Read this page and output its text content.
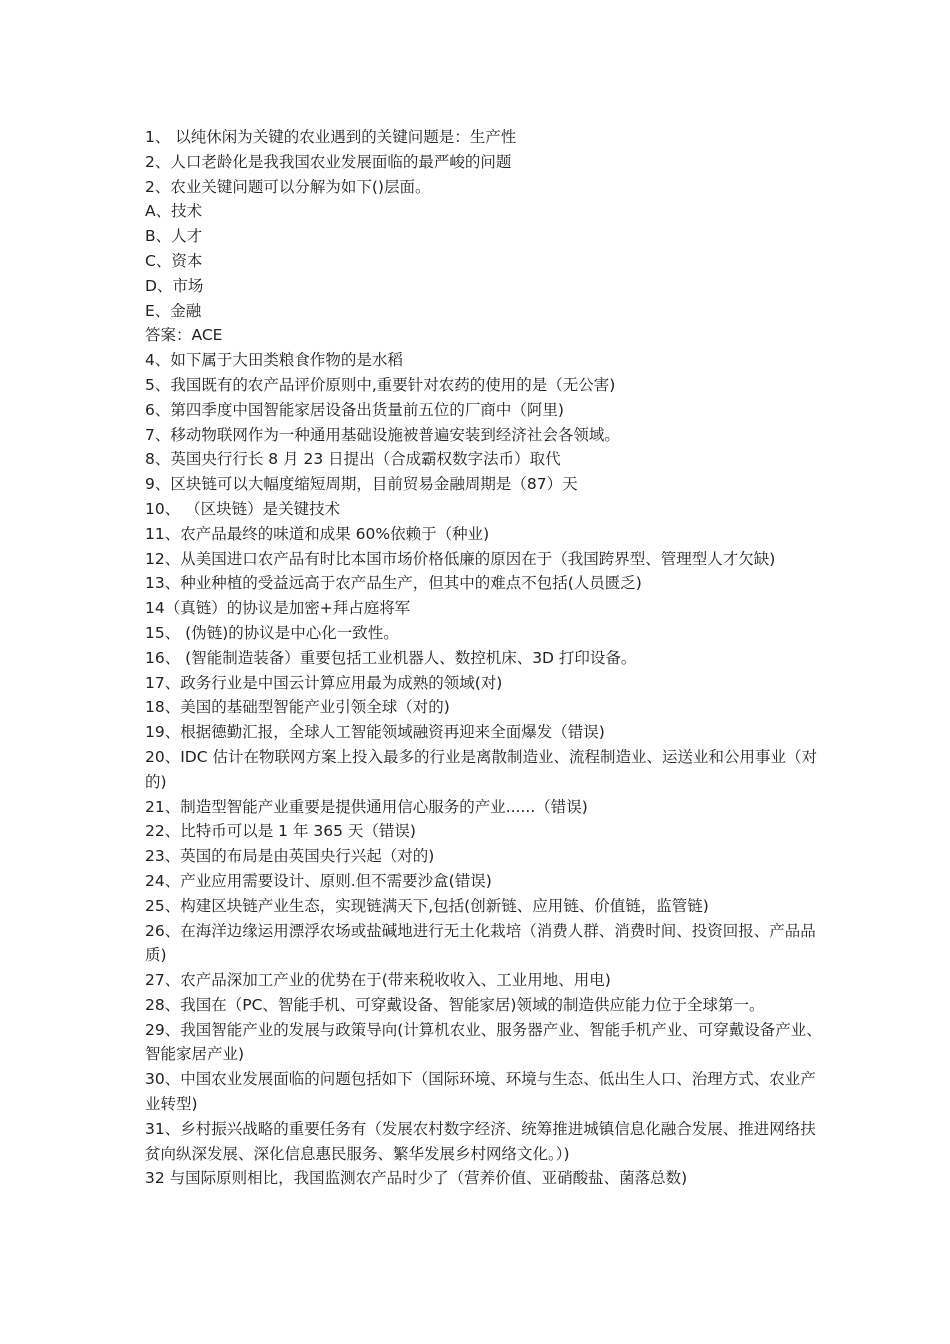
1、 以纯休闲为关键的农业遇到的关键问题是：生产性

2、人口老龄化是我我国农业发展面临的最严峻的问题

2、农业关键问题可以分解为如下()层面。

A、技术

B、人才

C、资本

D、市场

E、金融

答案：ACE

4、如下属于大田类粮食作物的是水稻

5、我国既有的农产品评价原则中,重要针对农药的使用的是（无公害)

6、第四季度中国智能家居设备出货量前五位的厂商中（阿里)

7、移动物联网作为一种通用基础设施被普遍安装到经济社会各领域。

8、英国央行行长 8 月 23 日提出（合成霸权数字法币）取代

9、区块链可以大幅度缩短周期，目前贸易金融周期是（87）天

10、 （区块链）是关键技术

11、农产品最终的味道和成果 60%依赖于（种业)

12、从美国进口农产品有时比本国市场价格低廉的原因在于（我国跨界型、管理型人才欠缺)

13、种业种植的受益远高于农产品生产，但其中的难点不包括(人员匮乏)

14（真链）的协议是加密+拜占庭将军

15、 (伪链)的协议是中心化一致性。

16、 (智能制造装备）重要包括工业机器人、数控机床、3D 打印设备。

17、政务行业是中国云计算应用最为成熟的领域(对)

18、美国的基础型智能产业引领全球（对的)

19、根据德勤汇报，全球人工智能领域融资再迎来全面爆发（错误)

20、IDC 估计在物联网方案上投入最多的行业是离散制造业、流程制造业、运送业和公用事业（对的)

21、制造型智能产业重要是提供通用信心服务的产业......（错误)

22、比特币可以是 1 年 365 天（错误)

23、英国的布局是由英国央行兴起（对的)

24、产业应用需要设计、原则.但不需要沙盒(错误)

25、构建区块链产业生态，实现链满天下,包括(创新链、应用链、价值链，监管链)

26、在海洋边缘运用漂浮农场或盐碱地进行无土化栽培（消费人群、消费时间、投资回报、产品品质)

27、农产品深加工产业的优势在于(带来税收收入、工业用地、用电)

28、我国在（PC、智能手机、可穿戴设备、智能家居)领域的制造供应能力位于全球第一。

29、我国智能产业的发展与政策导向(计算机农业、服务器产业、智能手机产业、可穿戴设备产业、智能家居产业)

30、中国农业发展面临的问题包括如下（国际环境、环境与生态、低出生人口、治理方式、农业产业转型)

31、乡村振兴战略的重要任务有（发展农村数字经济、统筹推进城镇信息化融合发展、推进网络扶贫向纵深发展、深化信息惠民服务、繁华发展乡村网络文化。）)

32 与国际原则相比，我国监测农产品时少了（营养价值、亚硝酸盐、菌落总数)
